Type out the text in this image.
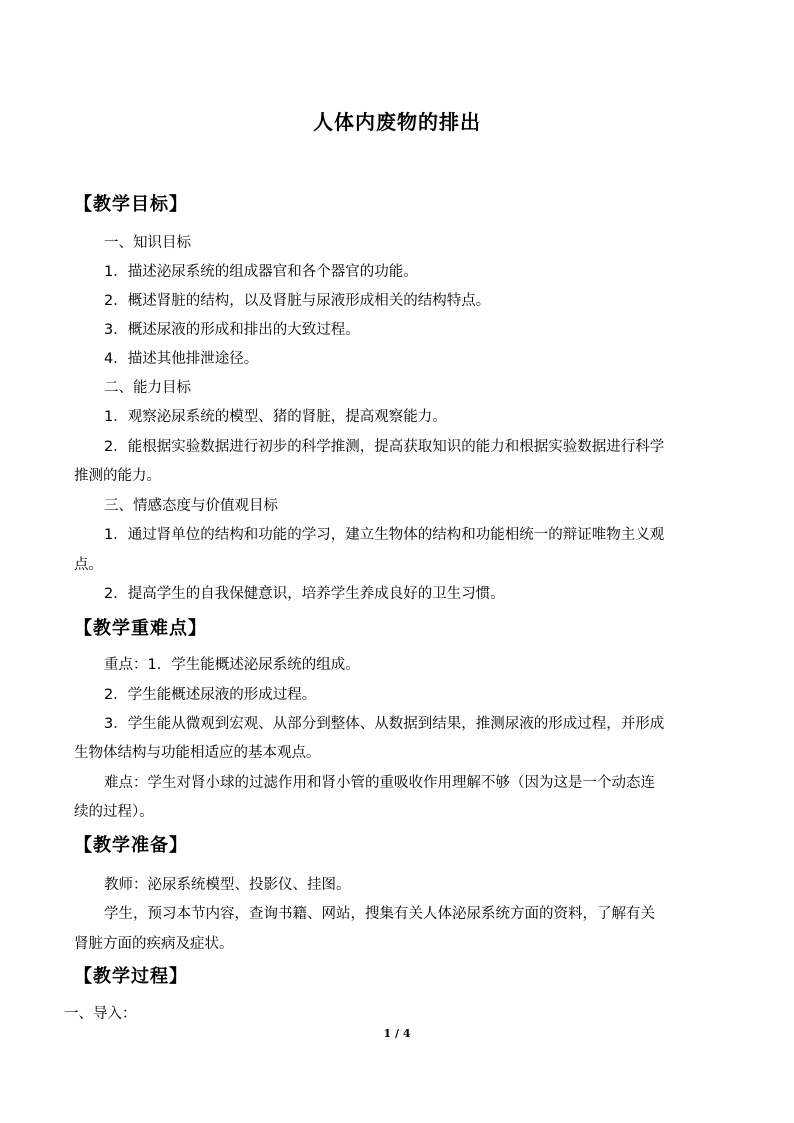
人体内废物的排出
【教学目标】
一、知识目标
1．描述泌尿系统的组成器官和各个器官的功能。
2．概述肾脏的结构，以及肾脏与尿液形成相关的结构特点。
3．概述尿液的形成和排出的大致过程。
4．描述其他排泄途径。
二、能力目标
1．观察泌尿系统的模型、猪的肾脏，提高观察能力。
2．能根据实验数据进行初步的科学推测，提高获取知识的能力和根据实验数据进行科学
推测的能力。
三、情感态度与价值观目标
1．通过肾单位的结构和功能的学习，建立生物体的结构和功能相统一的辩证唯物主义观
点。
2．提高学生的自我保健意识，培养学生养成良好的卫生习惯。
【教学重难点】
重点：1．学生能概述泌尿系统的组成。
2．学生能概述尿液的形成过程。
3．学生能从微观到宏观、从部分到整体、从数据到结果，推测尿液的形成过程，并形成
生物体结构与功能相适应的基本观点。
难点：学生对肾小球的过滤作用和肾小管的重吸收作用理解不够（因为这是一个动态连
续的过程）。
【教学准备】
教师：泌尿系统模型、投影仪、挂图。
学生，预习本节内容，查询书籍、网站，搜集有关人体泌尿系统方面的资料，了解有关
肾脏方面的疾病及症状。
【教学过程】
一、导入：
1 / 4
